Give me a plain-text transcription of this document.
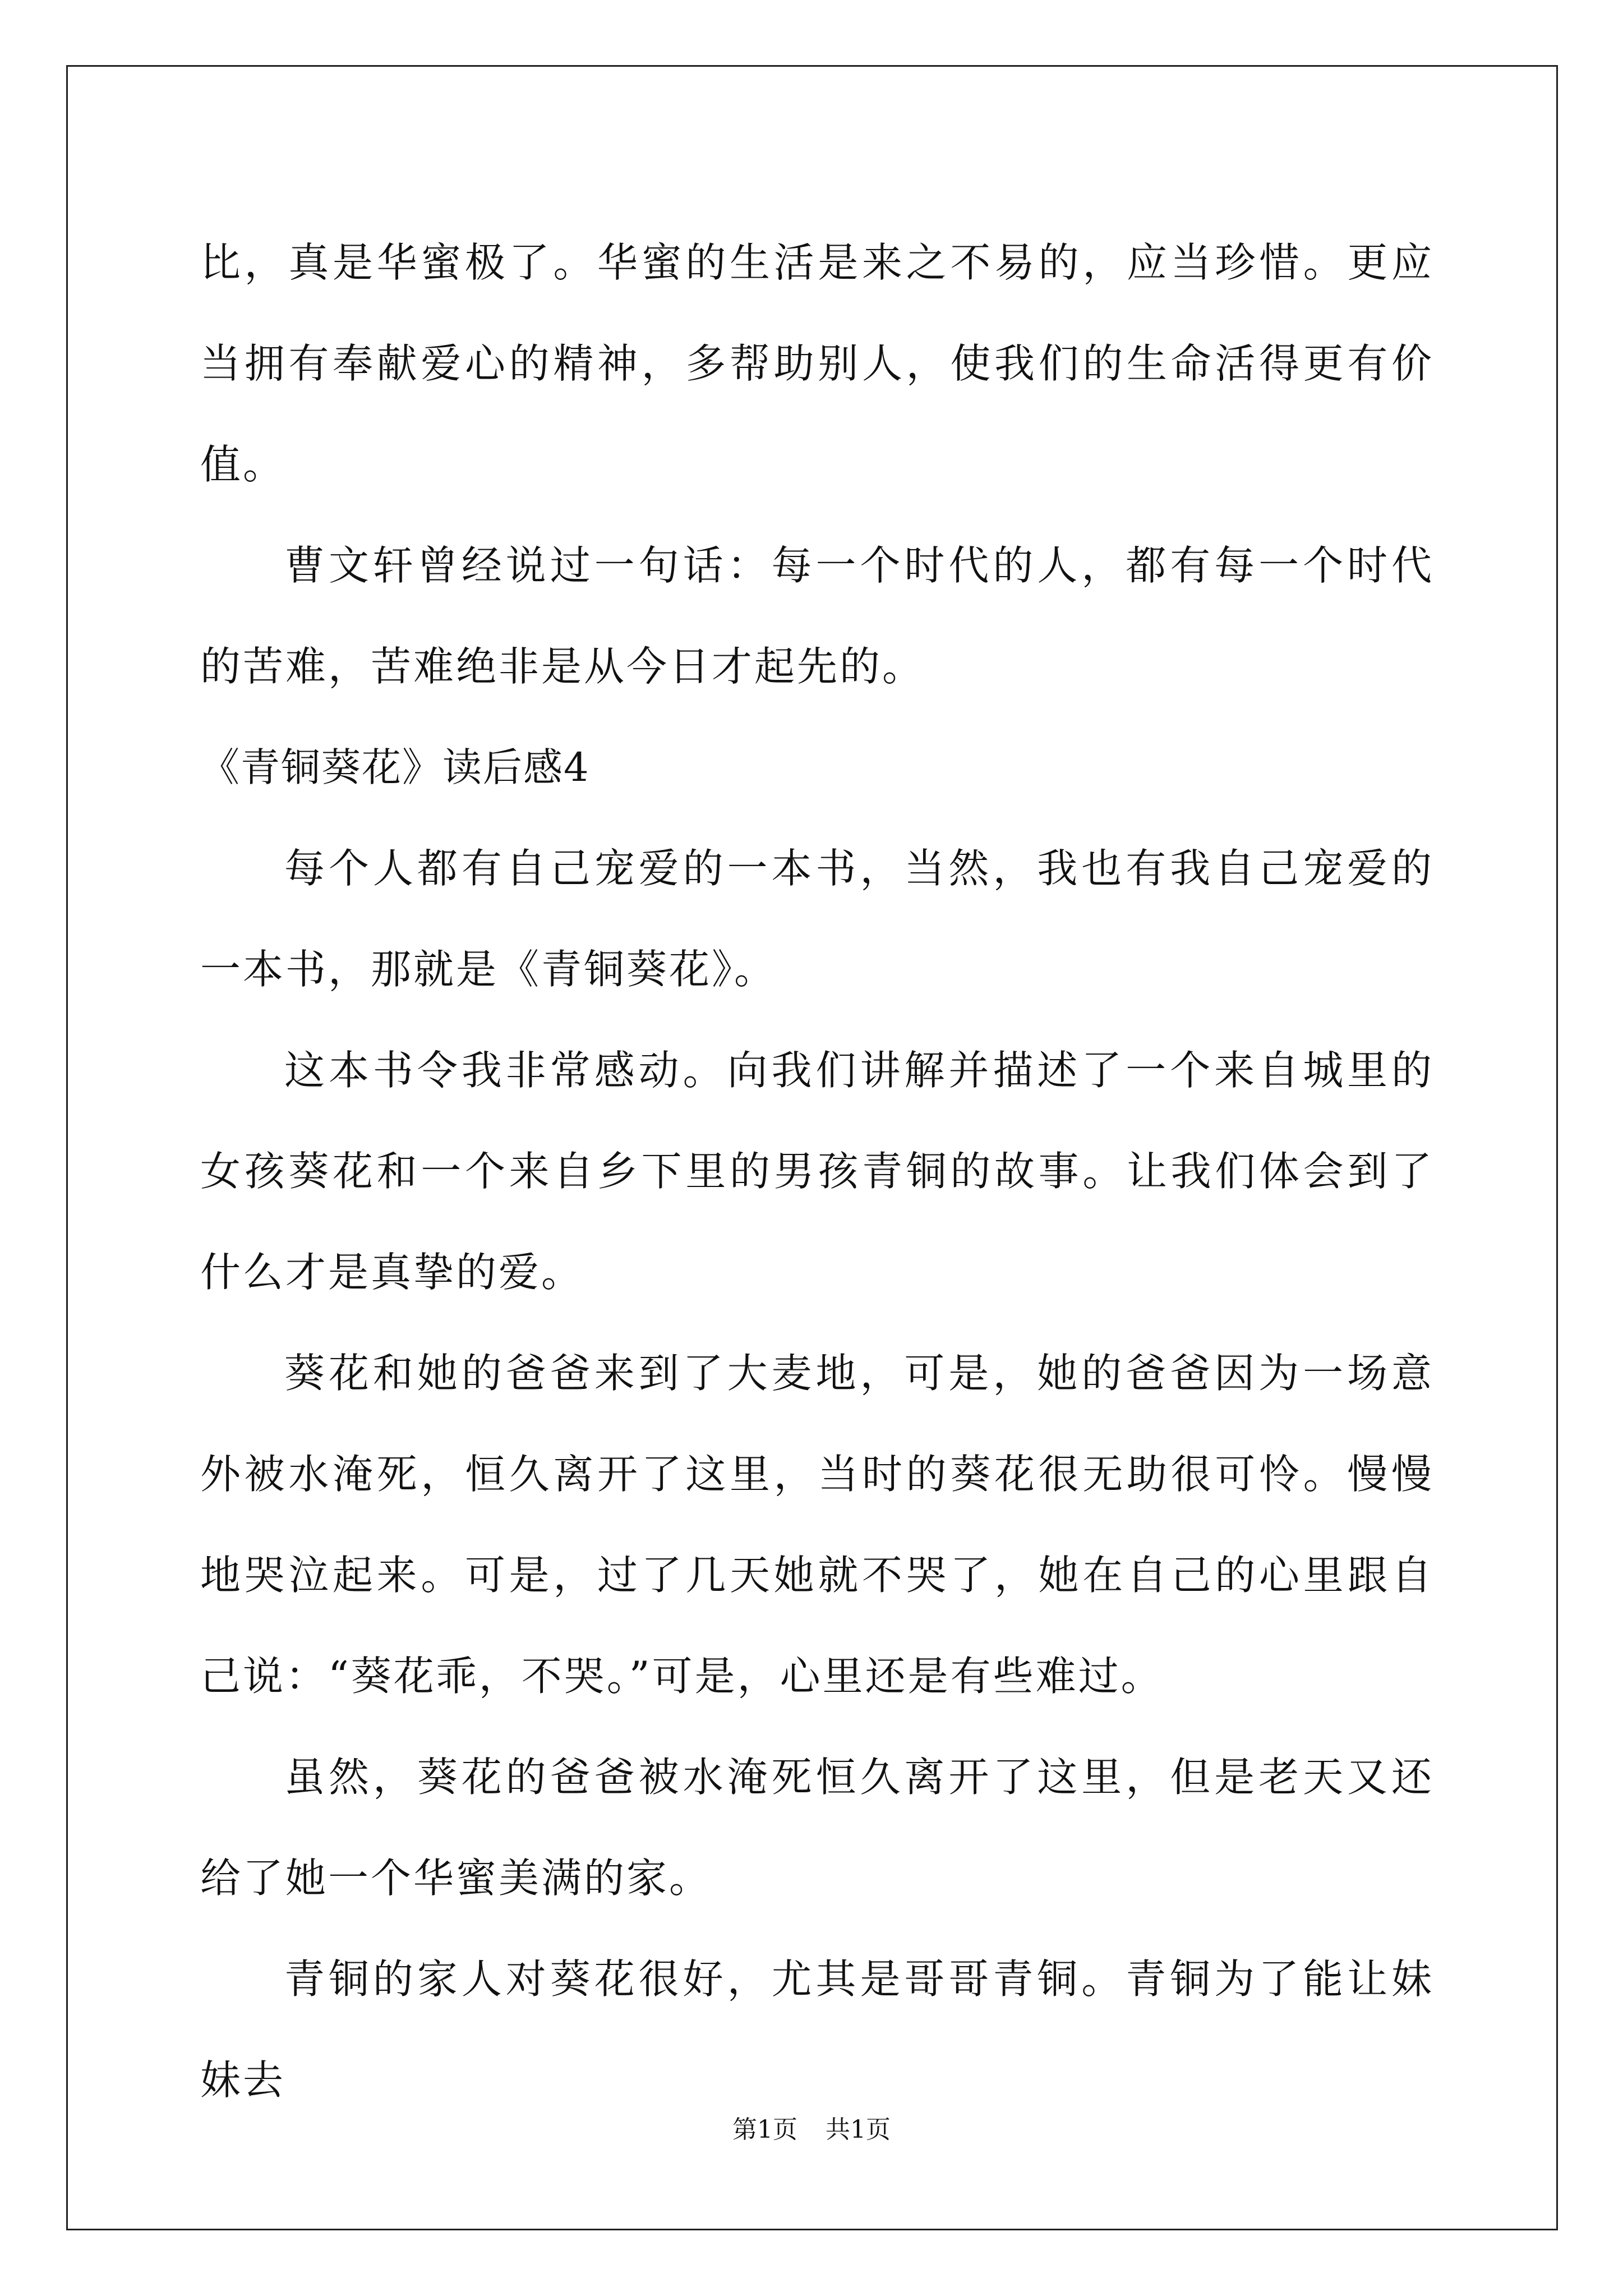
比，真是华蜜极了。华蜜的生活是来之不易的，应当珍惜。更应当拥有奉献爱心的精神，多帮助别人，使我们的生命活得更有价值。

曹文轩曾经说过一句话：每一个时代的人，都有每一个时代的苦难，苦难绝非是从今日才起先的。

《青铜葵花》读后感4

每个人都有自己宠爱的一本书，当然，我也有我自己宠爱的一本书，那就是《青铜葵花》。

这本书令我非常感动。向我们讲解并描述了一个来自城里的女孩葵花和一个来自乡下里的男孩青铜的故事。让我们体会到了什么才是真挚的爱。

葵花和她的爸爸来到了大麦地，可是，她的爸爸因为一场意外被水淹死，恒久离开了这里，当时的葵花很无助很可怜。慢慢地哭泣起来。可是，过了几天她就不哭了，她在自己的心里跟自己说：“葵花乖，不哭。”可是，心里还是有些难过。

虽然，葵花的爸爸被水淹死恒久离开了这里，但是老天又还给了她一个华蜜美满的家。

青铜的家人对葵花很好，尤其是哥哥青铜。青铜为了能让妹妹去

第1页 共1页
